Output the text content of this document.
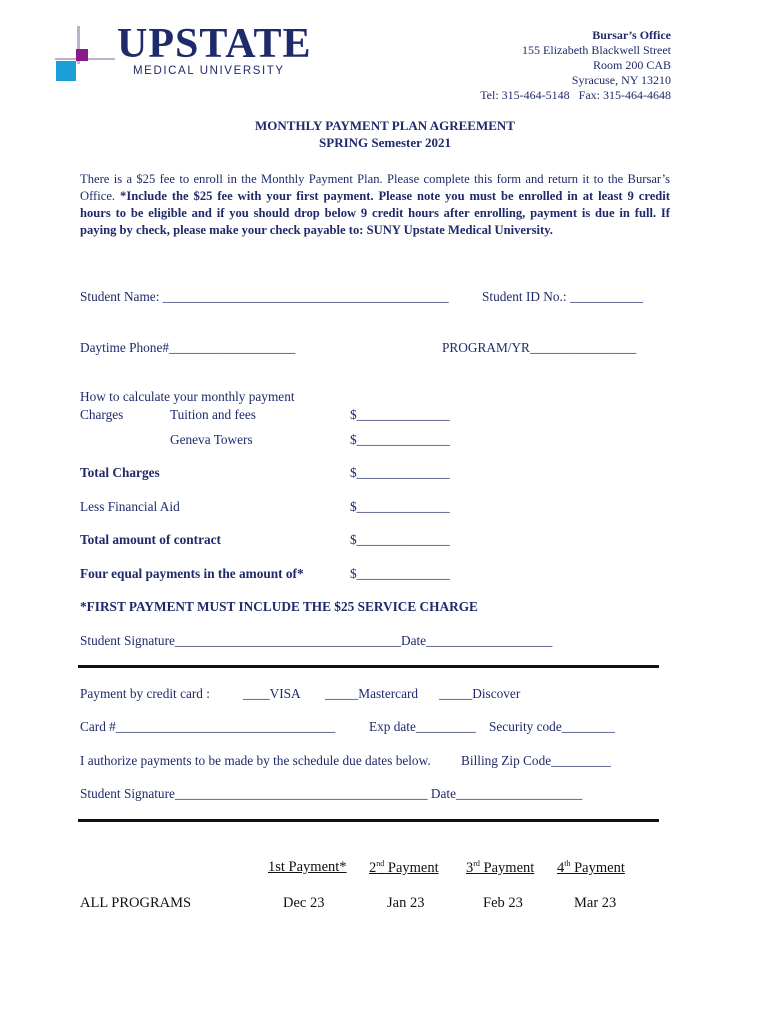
UPSTATE
MEDICAL UNIVERSITY
Bursar’s Office
155 Elizabeth Blackwell Street
Room 200 CAB
Syracuse, NY 13210
Tel: 315-464-5148   Fax: 315-464-4648
MONTHLY PAYMENT PLAN AGREEMENT
SPRING Semester 2021
There is a $25 fee to enroll in the Monthly Payment Plan. Please complete this form and return it to the Bursar’s Office. *Include the $25 fee with your first payment. Please note you must be enrolled in at least 9 credit hours to be eligible and if you should drop below 9 credit hours after enrolling, payment is due in full. If paying by check, please make your check payable to: SUNY Upstate Medical University.
Student Name: ___________________________________________	Student ID No.: ___________
Daytime Phone#___________________	PROGRAM/YR________________
How to calculate your monthly payment
Charges	Tuition and fees	$______________
Geneva Towers	$______________
Total Charges	$______________
Less Financial Aid	$______________
Total amount of contract	$______________
Four equal payments in the amount of*	$______________
*FIRST PAYMENT MUST INCLUDE THE $25 SERVICE CHARGE
Student Signature__________________________________Date___________________
Payment by credit card : ____VISA _____Mastercard _____Discover
Card #_________________________________	Exp date_________ Security code________
I authorize payments to be made by the schedule due dates below. Billing Zip Code_________
Student Signature______________________________________ Date___________________
1st Payment* 2nd Payment 3rd Payment 4th Payment
ALL PROGRAMS	Dec 23	Jan 23	Feb 23	Mar 23
